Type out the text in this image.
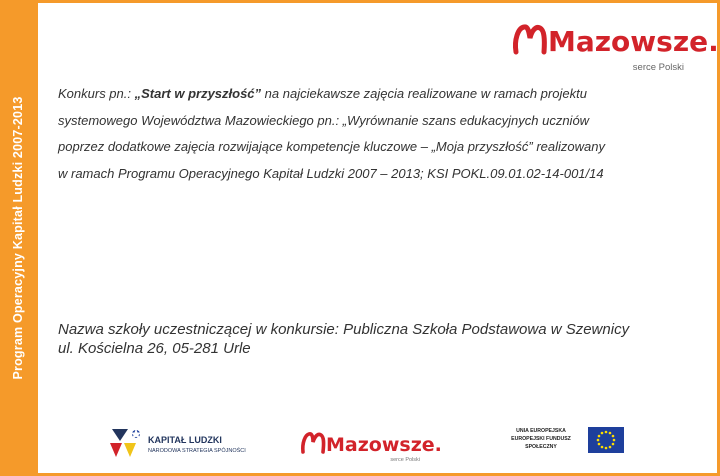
Program Operacyjny Kapitał Ludzki 2007-2013
Mazowsze.
serce Polski

Konkurs pn.: „Start w przyszłość” na najciekawsze zajęcia realizowane w ramach projektu

systemowego Województwa Mazowieckiego pn.: „Wyrównanie szans edukacyjnych uczniów

poprzez dodatkowe zajęcia rozwijające kompetencje kluczowe – „Moja przyszłość” realizowany

w ramach Programu Operacyjnego Kapitał Ludzki 2007 – 2013; KSI POKL.09.01.02-14-001/14

Nazwa szkoły uczestniczącej w konkursie: Publiczna Szkoła Podstawowa w Szewnicy
ul. Kościelna 26, 05-281 Urle
KAPITAŁ LUDZKI
NARODOWA STRATEGIA SPÓJNOŚCI	Mazowsze.
serce Polski
UNIA EUROPEJSKA EUROPEJSKI FUNDUSZ SPOŁECZNY
